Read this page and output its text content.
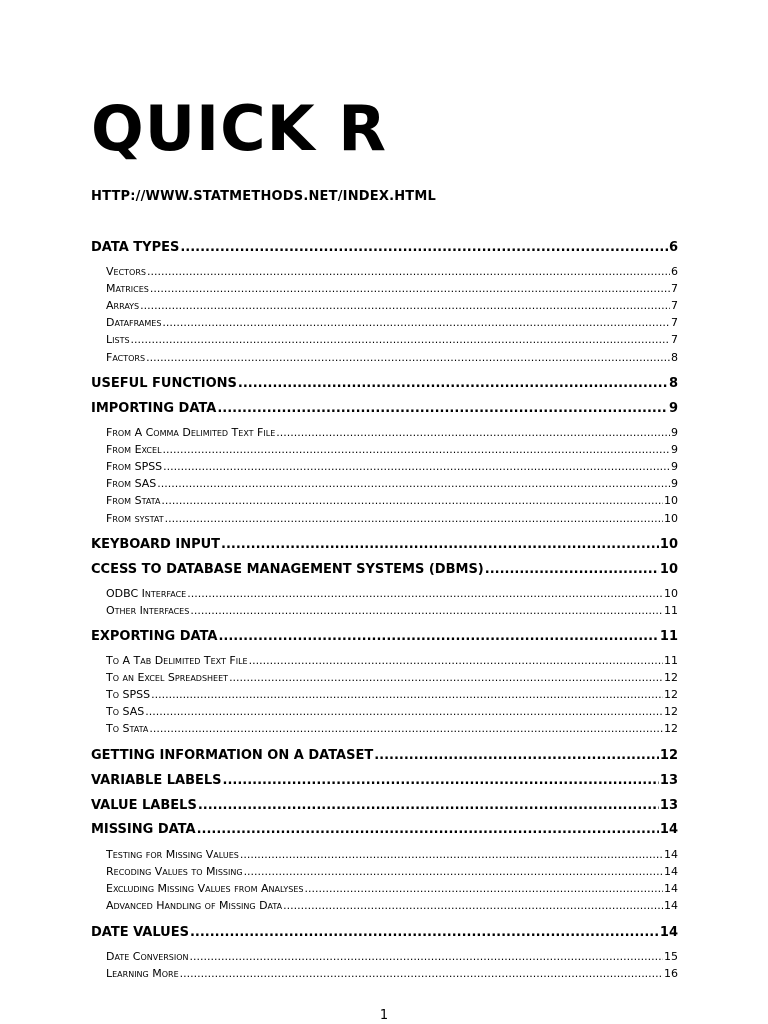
QUICK R
HTTP://WWW.STATMETHODS.NET/INDEX.HTML
DATA TYPES .....	6
Vectors .....	6
Matrices .....	7
Arrays .....	7
Dataframes .....	7
Lists .....	7
Factors .....	8
USEFUL FUNCTIONS .....	8
IMPORTING DATA .....	9
From A Comma Delimited Text File .....	9
From Excel .....	9
From SPSS .....	9
From SAS .....	9
From Stata .....	10
From systat .....	10
KEYBOARD INPUT .....	10
CCESS TO DATABASE MANAGEMENT SYSTEMS (DBMS) .....	10
ODBC Interface .....	10
Other Interfaces .....	11
EXPORTING DATA .....	11
To A Tab Delimited Text File .....	11
To an Excel Spreadsheet .....	12
To SPSS .....	12
To SAS .....	12
To Stata .....	12
GETTING INFORMATION ON A DATASET .....	12
VARIABLE LABELS .....	13
VALUE LABELS .....	13
MISSING DATA .....	14
Testing for Missing Values .....	14
Recoding Values to Missing .....	14
Excluding Missing Values from Analyses .....	14
Advanced Handling of Missing Data .....	14
DATE VALUES .....	14
Date Conversion .....	15
Learning More .....	16
1
